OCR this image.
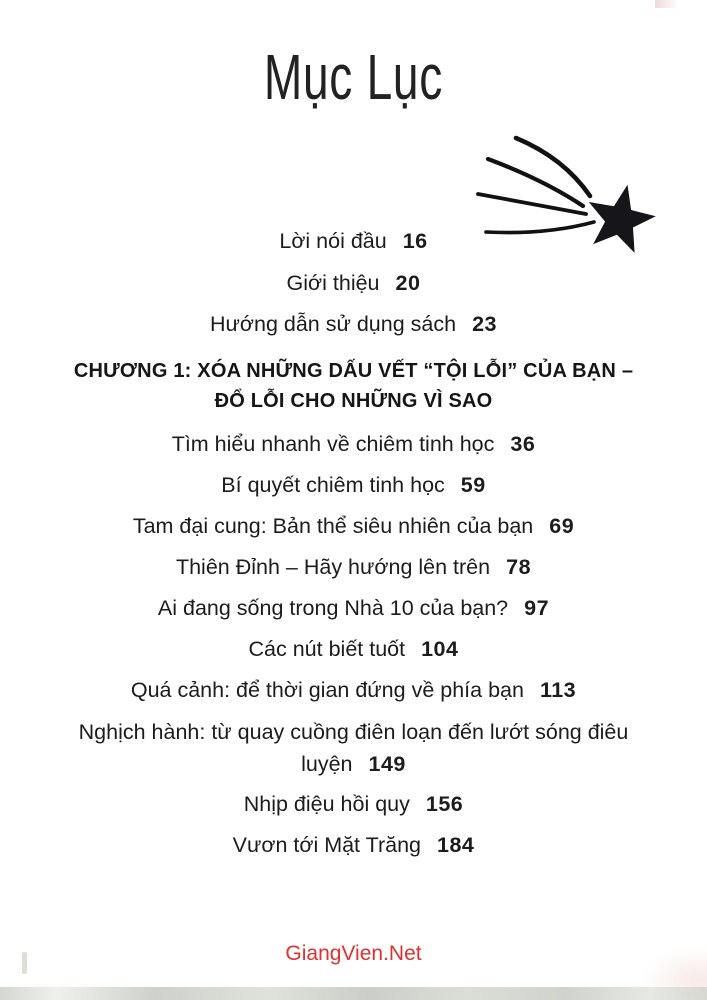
Mục Lục
Lời nói đầu 16
Giới thiệu 20
Hướng dẫn sử dụng sách 23
CHƯƠNG 1: XÓA NHỮNG DẤU VẾT “TỘI LỖI” CỦA BẠN –
ĐỔ LỖI CHO NHỮNG VÌ SAO
Tìm hiểu nhanh về chiêm tinh học 36
Bí quyết chiêm tinh học 59
Tam đại cung: Bản thể siêu nhiên của bạn 69
Thiên Đỉnh – Hãy hướng lên trên 78
Ai đang sống trong Nhà 10 của bạn? 97
Các nút biết tuốt 104
Quá cảnh: để thời gian đứng về phía bạn 113
Nghịch hành: từ quay cuồng điên loạn đến lướt sóng điêu luyện 149
Nhịp điệu hồi quy 156
Vươn tới Mặt Trăng 184
GiangVien.Net
